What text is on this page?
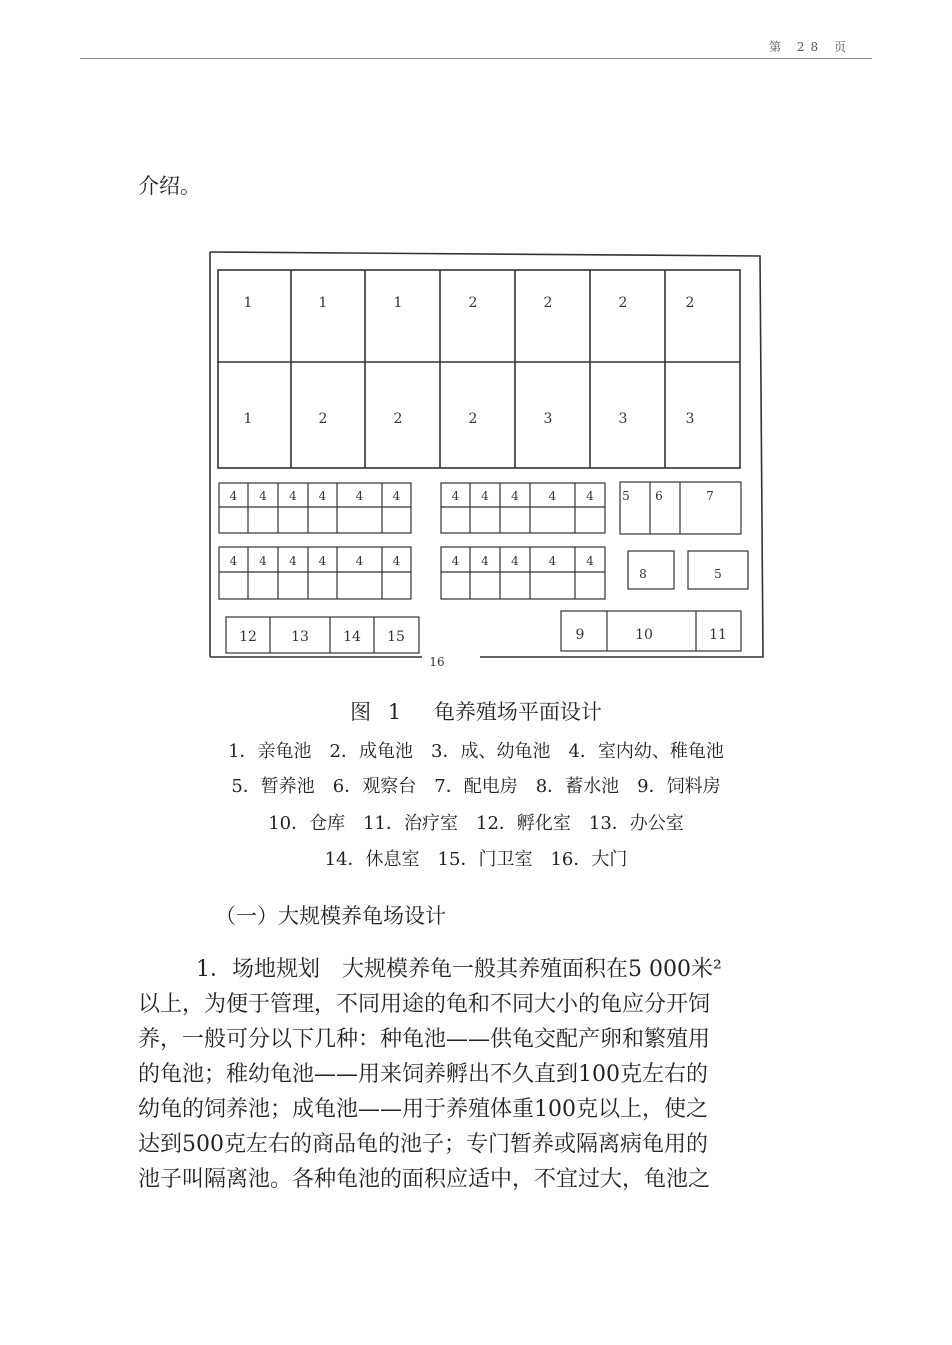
第 28 页
介绍。
1	1	1	2	2	2	2
1	2	2	2	3	3	3
4 4 4 4 4 4	4 4 4 4 4
4 4 4 4 4 4	4 4 4 4 4
5 6	7
8	5
12 13 14 15	9	10	11
16
图 1 龟养殖场平面设计
1．亲龟池　2．成龟池　3．成、幼龟池　4．室内幼、稚龟池
5．暂养池　6．观察台　7．配电房　8．蓄水池　9．饲料房
10．仓库　11．治疗室　12．孵化室　13．办公室
14．休息室　15．门卫室　16．大门
（一）大规模养龟场设计

1．场地规划　大规模养龟一般其养殖面积在5 000米²

以上，为便于管理，不同用途的龟和不同大小的龟应分开饲

养，一般可分以下几种：种龟池——供龟交配产卵和繁殖用

的龟池；稚幼龟池——用来饲养孵出不久直到100克左右的

幼龟的饲养池；成龟池——用于养殖体重100克以上，使之

达到500克左右的商品龟的池子；专门暂养或隔离病龟用的

池子叫隔离池。各种龟池的面积应适中，不宜过大，龟池之
